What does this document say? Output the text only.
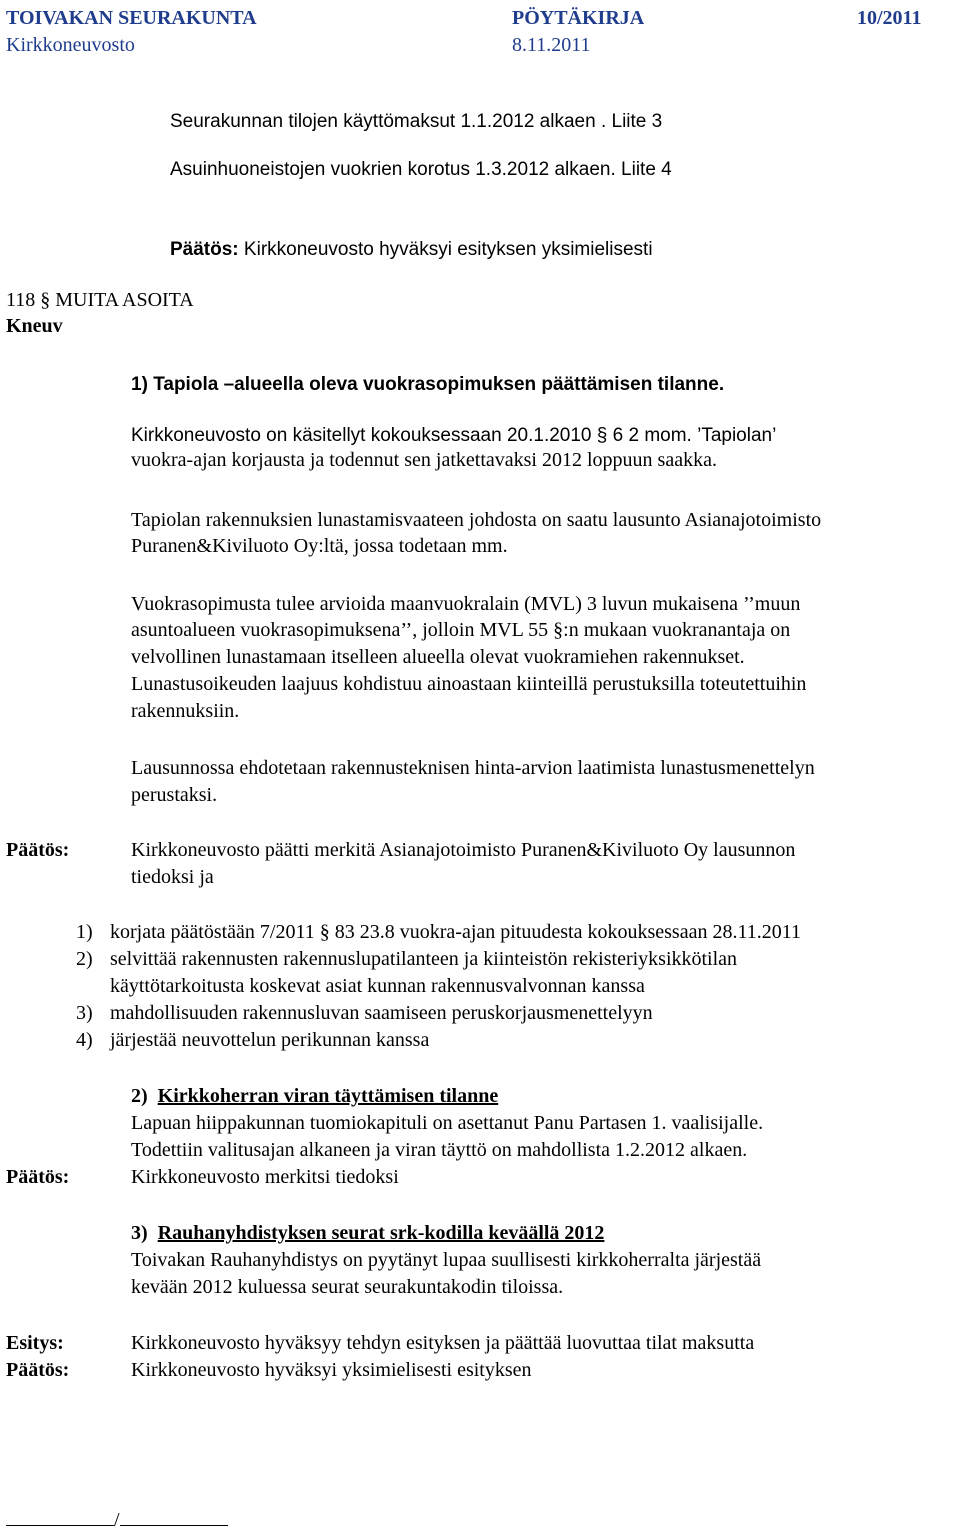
TOIVAKAN SEURAKUNTA	PÖYTÄKIRJA	10/2011
Kirkkoneuvosto	8.11.2011
Seurakunnan tilojen käyttömaksut 1.1.2012 alkaen . Liite 3
Asuinhuoneistojen vuokrien korotus 1.3.2012 alkaen. Liite 4
Päätös: Kirkkoneuvosto hyväksyi esityksen yksimielisesti
118 § MUITA ASOITA
Kneuv
1) Tapiola –alueella oleva vuokrasopimuksen päättämisen tilanne.
Kirkkoneuvosto on käsitellyt kokouksessaan 20.1.2010 § 6 2 mom. ’Tapiolan’
vuokra-ajan korjausta ja todennut sen jatkettavaksi 2012 loppuun saakka.
Tapiolan rakennuksien lunastamisvaateen johdosta on saatu lausunto Asianajotoimisto
Puranen&Kiviluoto Oy:ltä, jossa todetaan mm.
Vuokrasopimusta tulee arvioida maanvuokralain (MVL) 3 luvun mukaisena ’’muun
asuntoalueen vuokrasopimuksena’’, jolloin MVL 55 §:n mukaan vuokranantaja on
velvollinen lunastamaan itselleen alueella olevat vuokramiehen rakennukset.
Lunastusoikeuden laajuus kohdistuu ainoastaan kiinteillä perustuksilla toteutettuihin
rakennuksiin.
Lausunnossa ehdotetaan rakennusteknisen hinta-arvion laatimista lunastusmenettelyn
perustaksi.
Päätös:	Kirkkoneuvosto päätti merkitä Asianajotoimisto Puranen&Kiviluoto Oy lausunnon
tiedoksi ja
1) korjata päätöstään 7/2011 § 83 23.8 vuokra-ajan pituudesta kokouksessaan 28.11.2011
2) selvittää rakennusten rakennuslupatilanteen ja kiinteistön rekisteriyksikkötilan
käyttötarkoitusta koskevat asiat kunnan rakennusvalvonnan kanssa
3) mahdollisuuden rakennusluvan saamiseen peruskorjausmenettelyyn
4) järjestää neuvottelun perikunnan kanssa
2) Kirkkoherran viran täyttämisen tilanne
Lapuan hiippakunnan tuomiokapituli on asettanut Panu Partasen 1. vaalisijalle.
Todettiin valitusajan alkaneen ja viran täyttö on mahdollista 1.2.2012 alkaen.
Päätös:	Kirkkoneuvosto merkitsi tiedoksi
3) Rauhanyhdistyksen seurat srk-kodilla keväällä 2012
Toivakan Rauhanyhdistys on pyytänyt lupaa suullisesti kirkkoherralta järjestää
kevään 2012 kuluessa seurat seurakuntakodin tiloissa.
Esitys:	Kirkkoneuvosto hyväksyy tehdyn esityksen ja päättää luovuttaa tilat maksutta
Päätös:	Kirkkoneuvosto hyväksyi yksimielisesti esityksen
/
